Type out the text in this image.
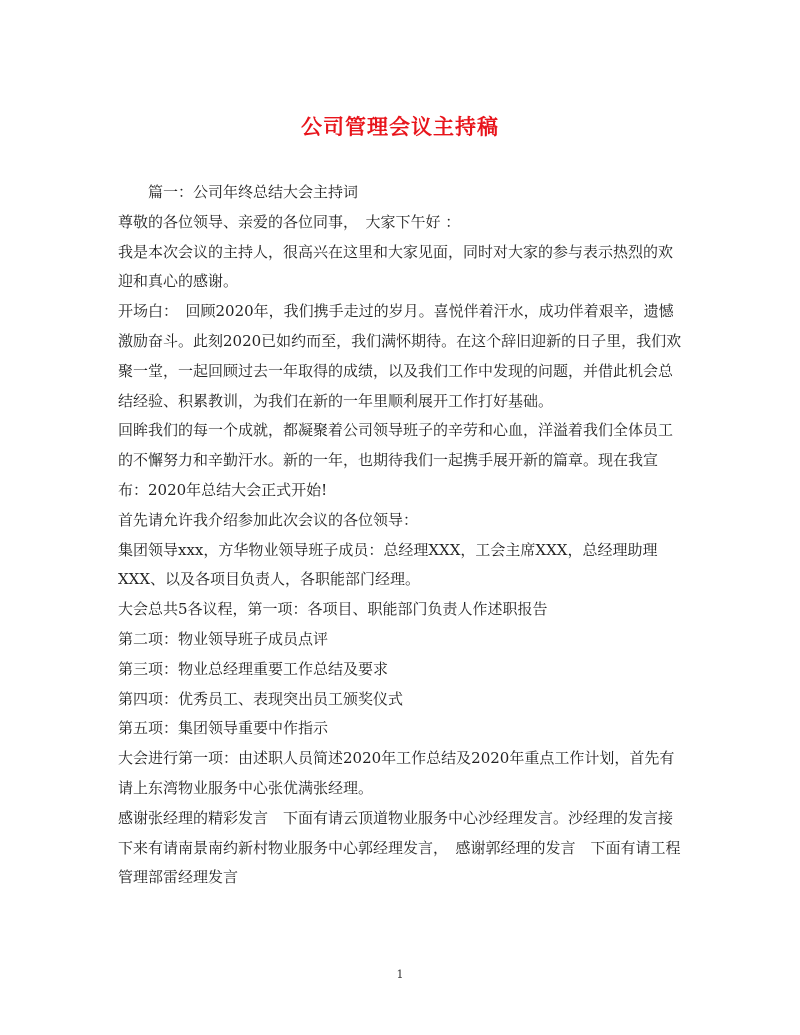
公司管理会议主持稿

篇一：公司年终总结大会主持词

尊敬的各位领导、亲爱的各位同事，　大家下午好 ：

我是本次会议的主持人，很高兴在这里和大家见面，同时对大家的参与表示热烈的欢迎和真心的感谢。

开场白：　回顾2020年，我们携手走过的岁月。喜悦伴着汗水，成功伴着艰辛，遗憾激励奋斗。此刻2020已如约而至，我们满怀期待。在这个辞旧迎新的日子里，我们欢聚一堂，一起回顾过去一年取得的成绩，以及我们工作中发现的问题，并借此机会总结经验、积累教训，为我们在新的一年里顺利展开工作打好基础。

回眸我们的每一个成就，都凝聚着公司领导班子的辛劳和心血，洋溢着我们全体员工的不懈努力和辛勤汗水。新的一年，也期待我们一起携手展开新的篇章。现在我宣布：2020年总结大会正式开始!

首先请允许我介绍参加此次会议的各位领导：

集团领导xxx，方华物业领导班子成员：总经理XXX，工会主席XXX，总经理助理XXX、以及各项目负责人，各职能部门经理。

大会总共5各议程，第一项：各项目、职能部门负责人作述职报告

第二项：物业领导班子成员点评

第三项：物业总经理重要工作总结及要求

第四项：优秀员工、表现突出员工颁奖仪式

第五项：集团领导重要中作指示

大会进行第一项：由述职人员简述2020年工作总结及2020年重点工作计划，首先有请上东湾物业服务中心张优满张经理。

感谢张经理的精彩发言　下面有请云顶道物业服务中心沙经理发言。沙经理的发言接下来有请南景南约新村物业服务中心郭经理发言，　感谢郭经理的发言　下面有请工程管理部雷经理发言

1
